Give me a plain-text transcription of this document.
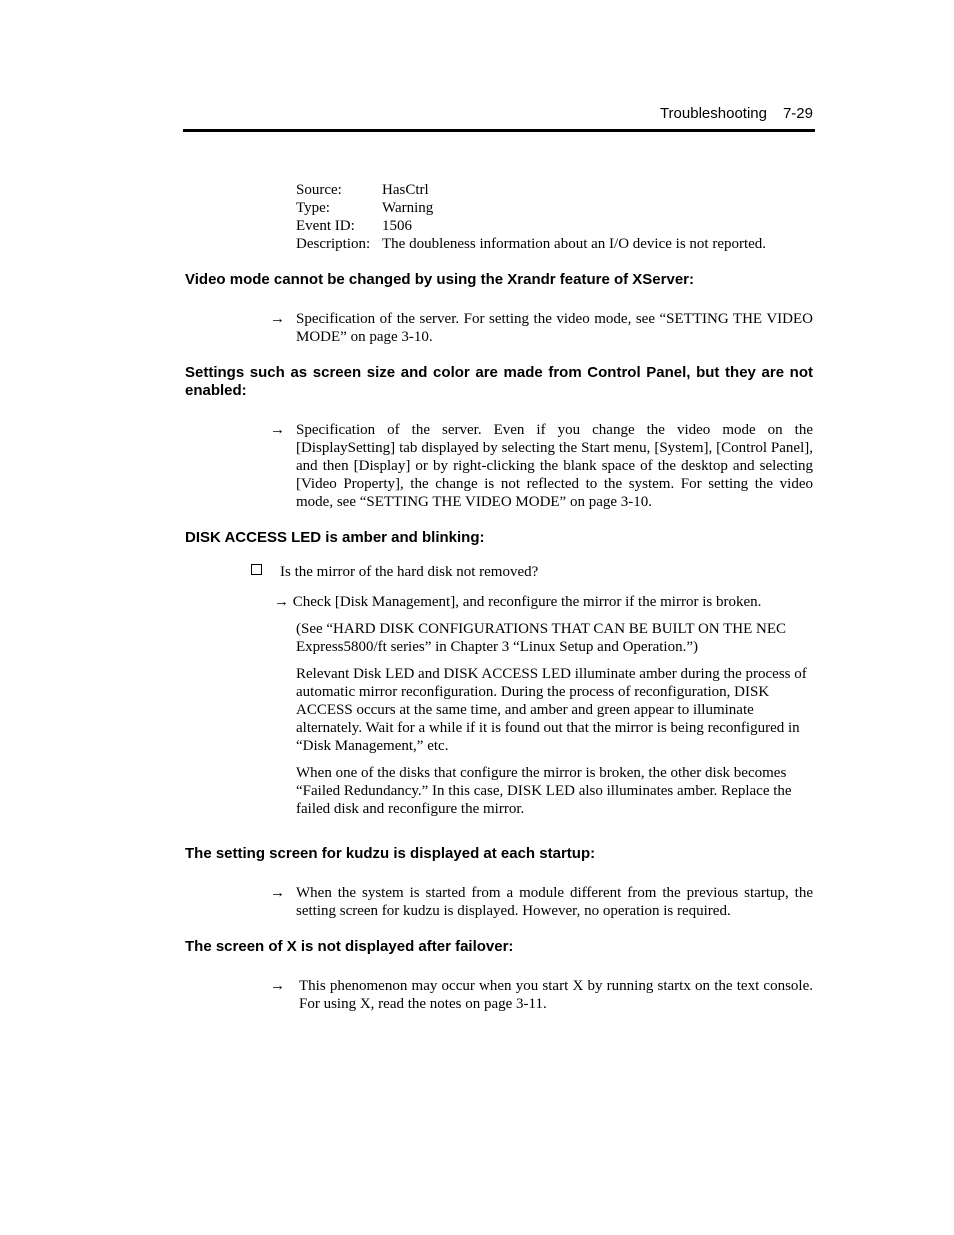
Troubleshooting 7-29
Source:	HasCtrl
Type:	Warning
Event ID:	1506
Description:	The doubleness information about an I/O device is not reported.
Video mode cannot be changed by using the Xrandr feature of XServer:
→ Specification of the server. For setting the video mode, see “SETTING THE VIDEO MODE” on page 3-10.
Settings such as screen size and color are made from Control Panel, but they are not enabled:
→ Specification of the server. Even if you change the video mode on the [DisplaySetting] tab displayed by selecting the Start menu, [System], [Control Panel], and then [Display] or by right-clicking the blank space of the desktop and selecting [Video Property], the change is not reflected to the system. For setting the video mode, see “SETTING THE VIDEO MODE” on page 3-10.
DISK ACCESS LED is amber and blinking:
Is the mirror of the hard disk not removed?
→ Check [Disk Management], and reconfigure the mirror if the mirror is broken.
(See “HARD DISK CONFIGURATIONS THAT CAN BE BUILT ON THE NEC Express5800/ft series” in Chapter 3 “Linux Setup and Operation.”)
Relevant Disk LED and DISK ACCESS LED illuminate amber during the process of automatic mirror reconfiguration. During the process of reconfiguration, DISK ACCESS occurs at the same time, and amber and green appear to illuminate alternately. Wait for a while if it is found out that the mirror is being reconfigured in “Disk Management,” etc.
When one of the disks that configure the mirror is broken, the other disk becomes “Failed Redundancy.” In this case, DISK LED also illuminates amber. Replace the failed disk and reconfigure the mirror.
The setting screen for kudzu is displayed at each startup:
→ When the system is started from a module different from the previous startup, the setting screen for kudzu is displayed. However, no operation is required.
The screen of X is not displayed after failover:
→ This phenomenon may occur when you start X by running startx on the text console. For using X, read the notes on page 3-11.
